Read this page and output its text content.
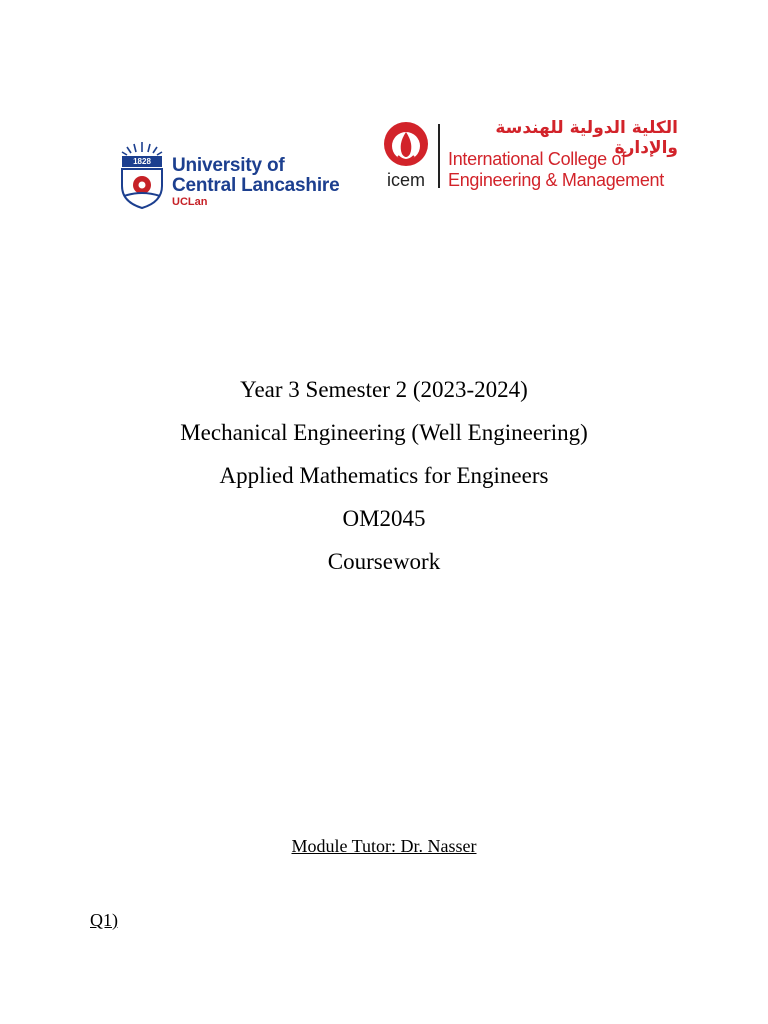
1828	University of
Central Lancashire
UCLan
icem
الكلية الدولية للهندسة والإدارة
International College of
Engineering & Management
Year 3 Semester 2 (2023-2024)
Mechanical Engineering (Well Engineering)
Applied Mathematics for Engineers
OM2045
Coursework
Module Tutor: Dr. Nasser
Q1)
